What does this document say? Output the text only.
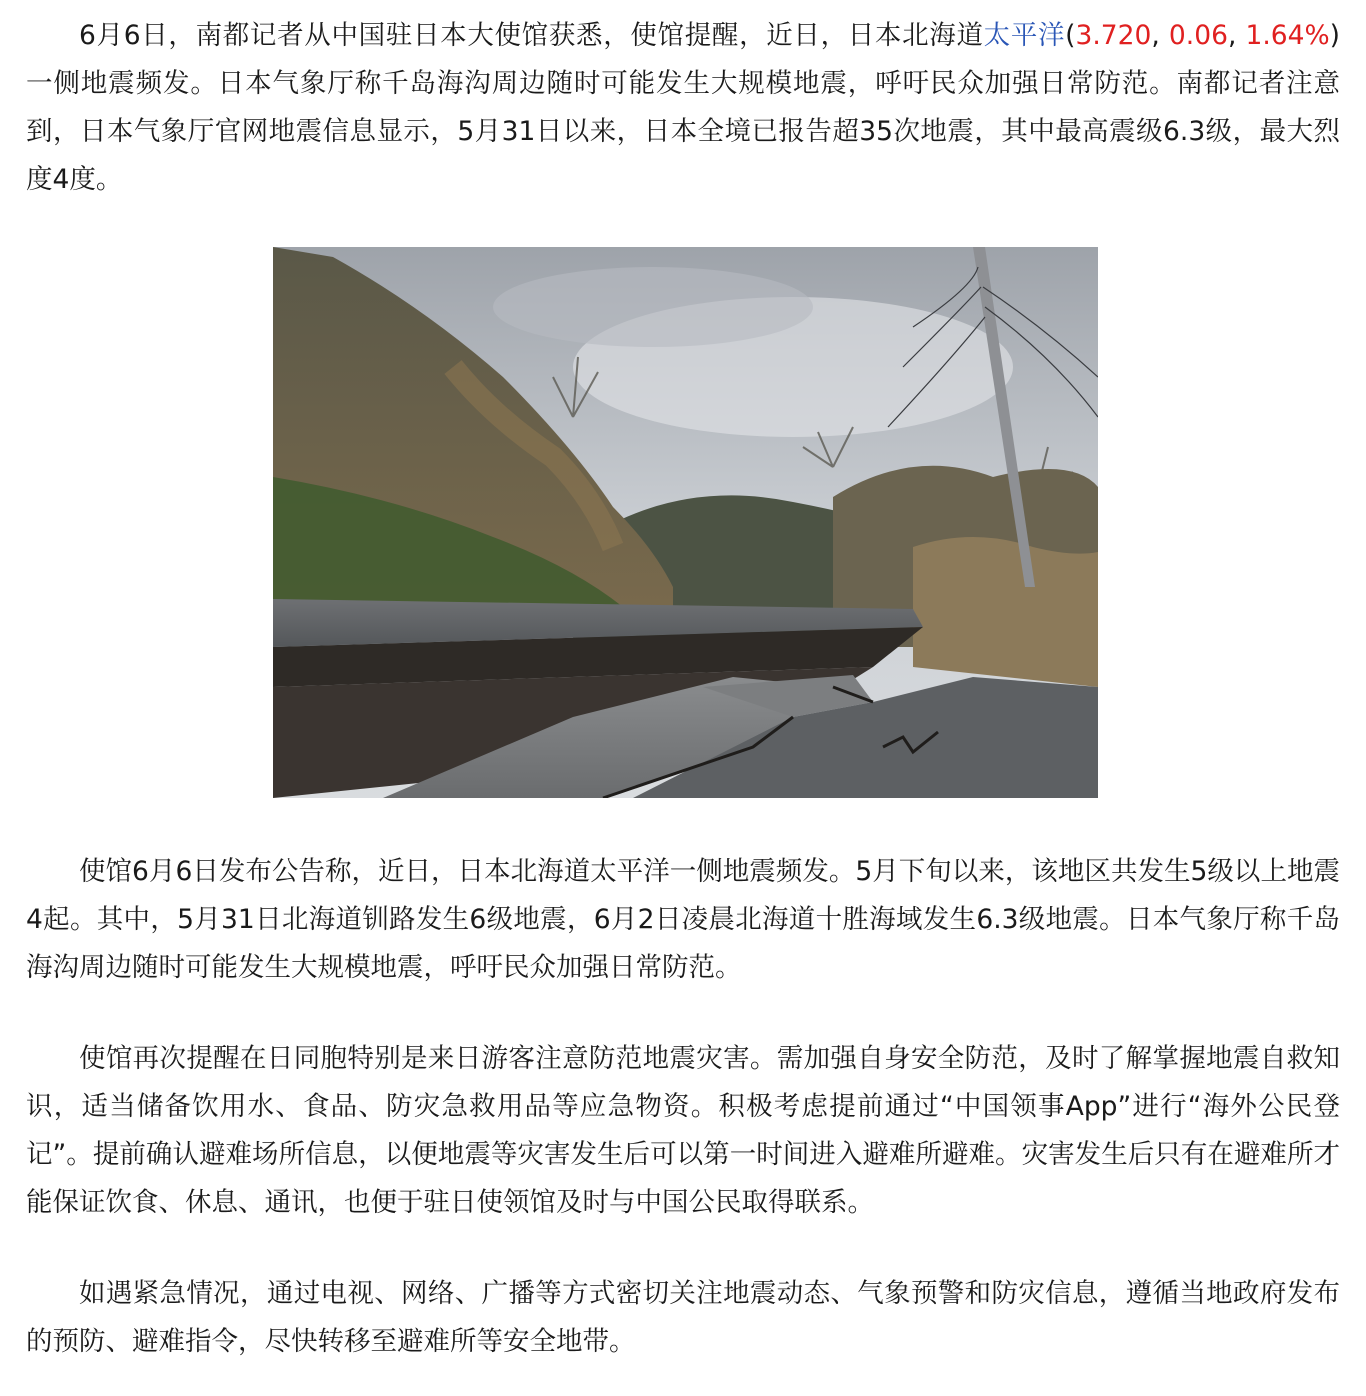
6月6日，南都记者从中国驻日本大使馆获悉，使馆提醒，近日，日本北海道太平洋(3.720, 0.06, 1.64%)一侧地震频发。日本气象厅称千岛海沟周边随时可能发生大规模地震，呼吁民众加强日常防范。南都记者注意到，日本气象厅官网地震信息显示，5月31日以来，日本全境已报告超35次地震，其中最高震级6.3级，最大烈度4度。

使馆6月6日发布公告称，近日，日本北海道太平洋一侧地震频发。5月下旬以来，该地区共发生5级以上地震4起。其中，5月31日北海道钏路发生6级地震，6月2日凌晨北海道十胜海域发生6.3级地震。日本气象厅称千岛海沟周边随时可能发生大规模地震，呼吁民众加强日常防范。

使馆再次提醒在日同胞特别是来日游客注意防范地震灾害。需加强自身安全防范，及时了解掌握地震自救知识，适当储备饮用水、食品、防灾急救用品等应急物资。积极考虑提前通过“中国领事App”进行“海外公民登记”。提前确认避难场所信息，以便地震等灾害发生后可以第一时间进入避难所避难。灾害发生后只有在避难所才能保证饮食、休息、通讯，也便于驻日使领馆及时与中国公民取得联系。

如遇紧急情况，通过电视、网络、广播等方式密切关注地震动态、气象预警和防灾信息，遵循当地政府发布的预防、避难指令，尽快转移至避难所等安全地带。
